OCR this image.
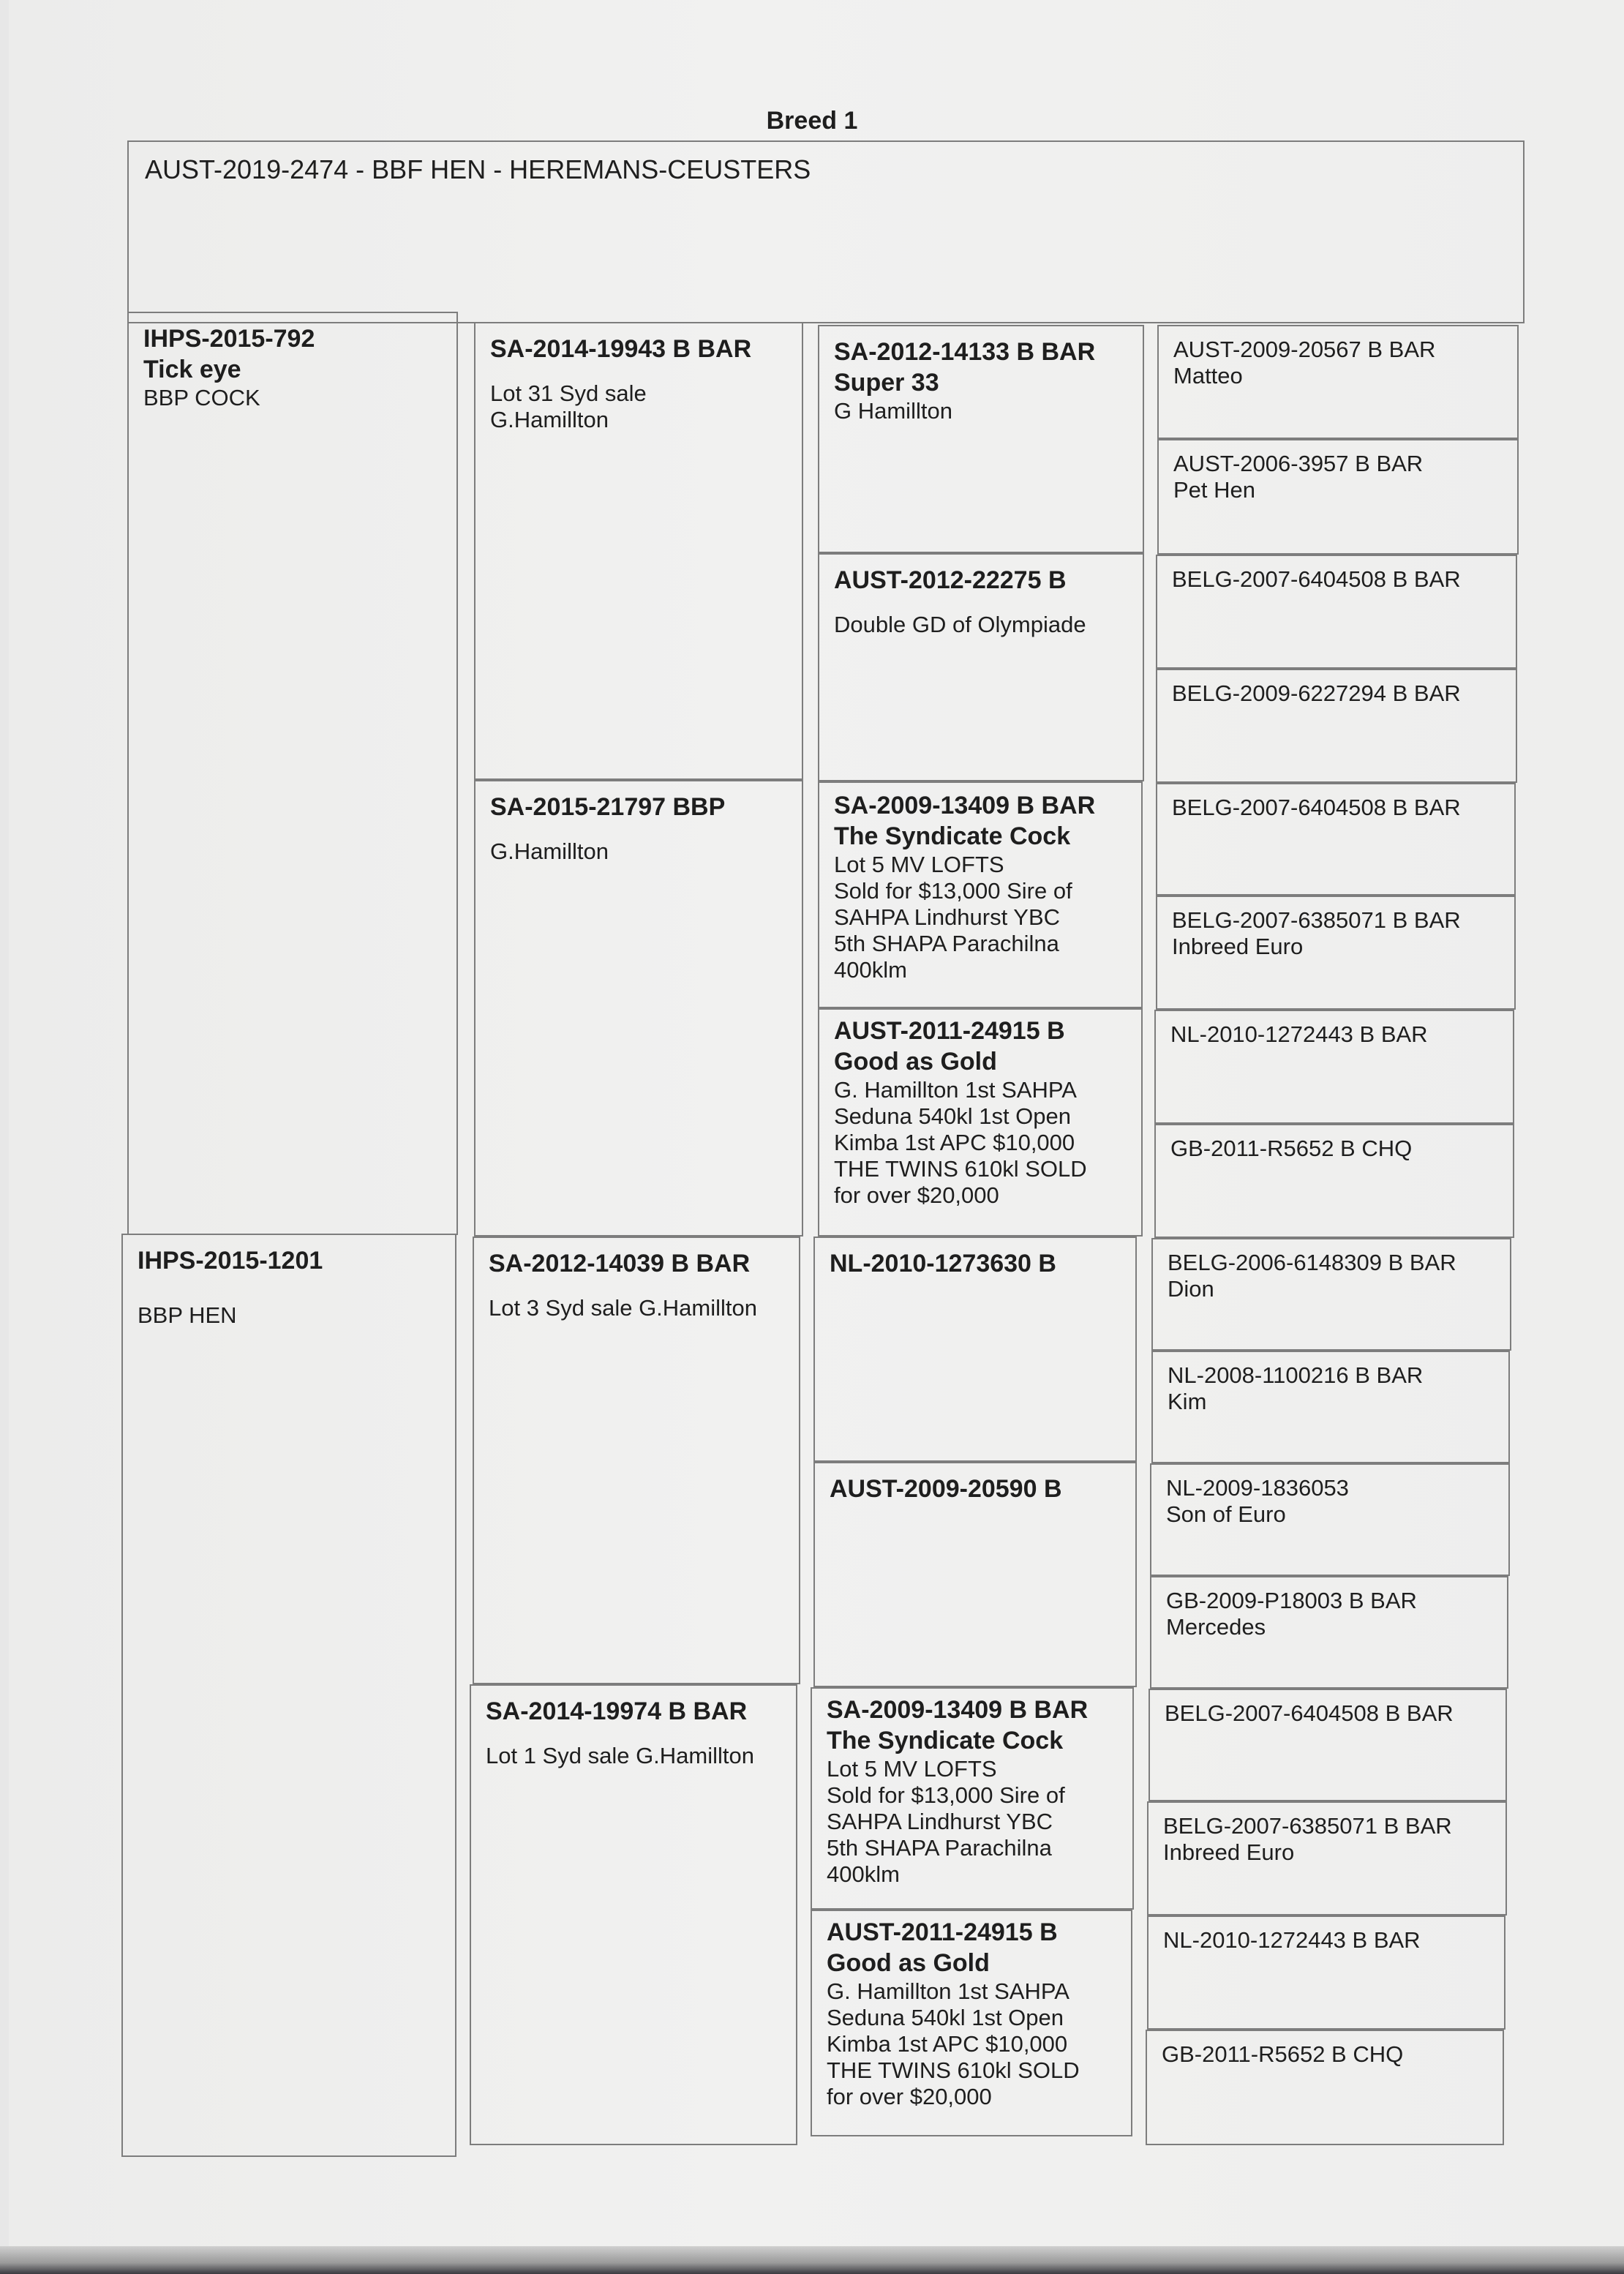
Breed 1
AUST-2019-2474 - BBF HEN - HEREMANS-CEUSTERS
IHPS-2015-792
Tick eye
BBP COCK
IHPS-2015-1201
BBP HEN
SA-2014-19943 B BAR
Lot 31 Syd sale
G.Hamillton
SA-2015-21797 BBP
G.Hamillton
SA-2012-14039 B BAR
Lot 3 Syd sale G.Hamillton
SA-2014-19974 B BAR
Lot 1 Syd sale G.Hamillton
SA-2012-14133 B BAR
Super 33
G Hamillton
AUST-2012-22275 B
Double GD of Olympiade
SA-2009-13409 B BAR
The Syndicate Cock
Lot 5 MV LOFTS
Sold for $13,000 Sire of
SAHPA Lindhurst YBC
5th SHAPA Parachilna
400klm
AUST-2011-24915 B
Good as Gold
G. Hamillton 1st SAHPA
Seduna 540kl 1st Open
Kimba 1st APC $10,000
THE TWINS 610kl SOLD
for over $20,000
NL-2010-1273630 B
AUST-2009-20590 B
SA-2009-13409 B BAR
The Syndicate Cock
Lot 5 MV LOFTS
Sold for $13,000 Sire of
SAHPA Lindhurst YBC
5th SHAPA Parachilna
400klm
AUST-2011-24915 B
Good as Gold
G. Hamillton 1st SAHPA
Seduna 540kl 1st Open
Kimba 1st APC $10,000
THE TWINS 610kl SOLD
for over $20,000
AUST-2009-20567 B BAR
Matteo
AUST-2006-3957 B BAR
Pet Hen
BELG-2007-6404508 B BAR
BELG-2009-6227294 B BAR
BELG-2007-6404508 B BAR
BELG-2007-6385071 B BAR
Inbreed Euro
NL-2010-1272443 B BAR
GB-2011-R5652 B CHQ
BELG-2006-6148309 B BAR
Dion
NL-2008-1100216 B BAR
Kim
NL-2009-1836053
Son of Euro
GB-2009-P18003 B BAR
Mercedes
BELG-2007-6404508 B BAR
BELG-2007-6385071 B BAR
Inbreed Euro
NL-2010-1272443 B BAR
GB-2011-R5652 B CHQ
